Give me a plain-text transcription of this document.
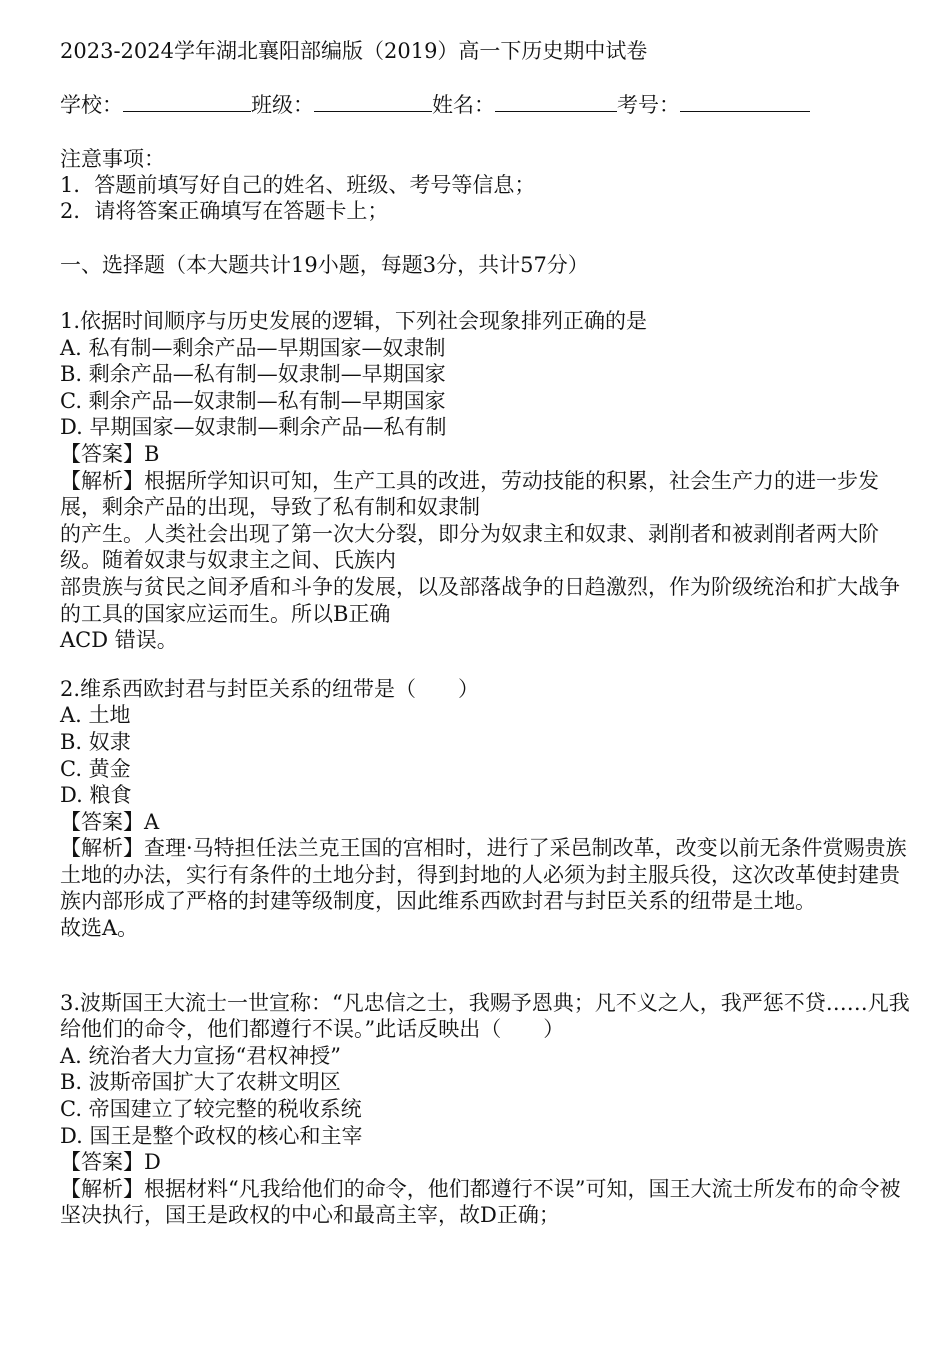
2023-2024学年湖北襄阳部编版（2019）高一下历史期中试卷
学校：	班级：	姓名：	考号：
注意事项：
1．答题前填写好自己的姓名、班级、考号等信息；
2．请将答案正确填写在答题卡上；
一、选择题（本大题共计19小题，每题3分，共计57分）
1.依据时间顺序与历史发展的逻辑，下列社会现象排列正确的是
A. 私有制—剩余产品—早期国家—奴隶制
B. 剩余产品—私有制—奴隶制—早期国家
C. 剩余产品—奴隶制—私有制—早期国家
D. 早期国家—奴隶制—剩余产品—私有制
【答案】B
【解析】根据所学知识可知，生产工具的改进，劳动技能的积累，社会生产力的进一步发展，剩余产品的出现，导致了私有制和奴隶制
的产生。人类社会出现了第一次大分裂，即分为奴隶主和奴隶、剥削者和被剥削者两大阶级。随着奴隶与奴隶主之间、氏族内
部贵族与贫民之间矛盾和斗争的发展，以及部落战争的日趋激烈，作为阶级统治和扩大战争的工具的国家应运而生。所以B正确
ACD 错误。
2.维系西欧封君与封臣关系的纽带是（　　）
A. 土地
B. 奴隶
C. 黄金
D. 粮食
【答案】A
【解析】查理·马特担任法兰克王国的宫相时，进行了采邑制改革，改变以前无条件赏赐贵族土地的办法，实行有条件的土地分封，得到封地的人必须为封主服兵役，这次改革使封建贵族内部形成了严格的封建等级制度，因此维系西欧封君与封臣关系的纽带是土地。
故选A。
3.波斯国王大流士一世宣称：“凡忠信之士，我赐予恩典；凡不义之人，我严惩不贷……凡我给他们的命令，他们都遵行不误。”此话反映出（　　）
A. 统治者大力宣扬“君权神授”
B. 波斯帝国扩大了农耕文明区
C. 帝国建立了较完整的税收系统
D. 国王是整个政权的核心和主宰
【答案】D
【解析】根据材料“凡我给他们的命令，他们都遵行不误”可知，国王大流士所发布的命令被坚决执行，国王是政权的中心和最高主宰，故D正确；
